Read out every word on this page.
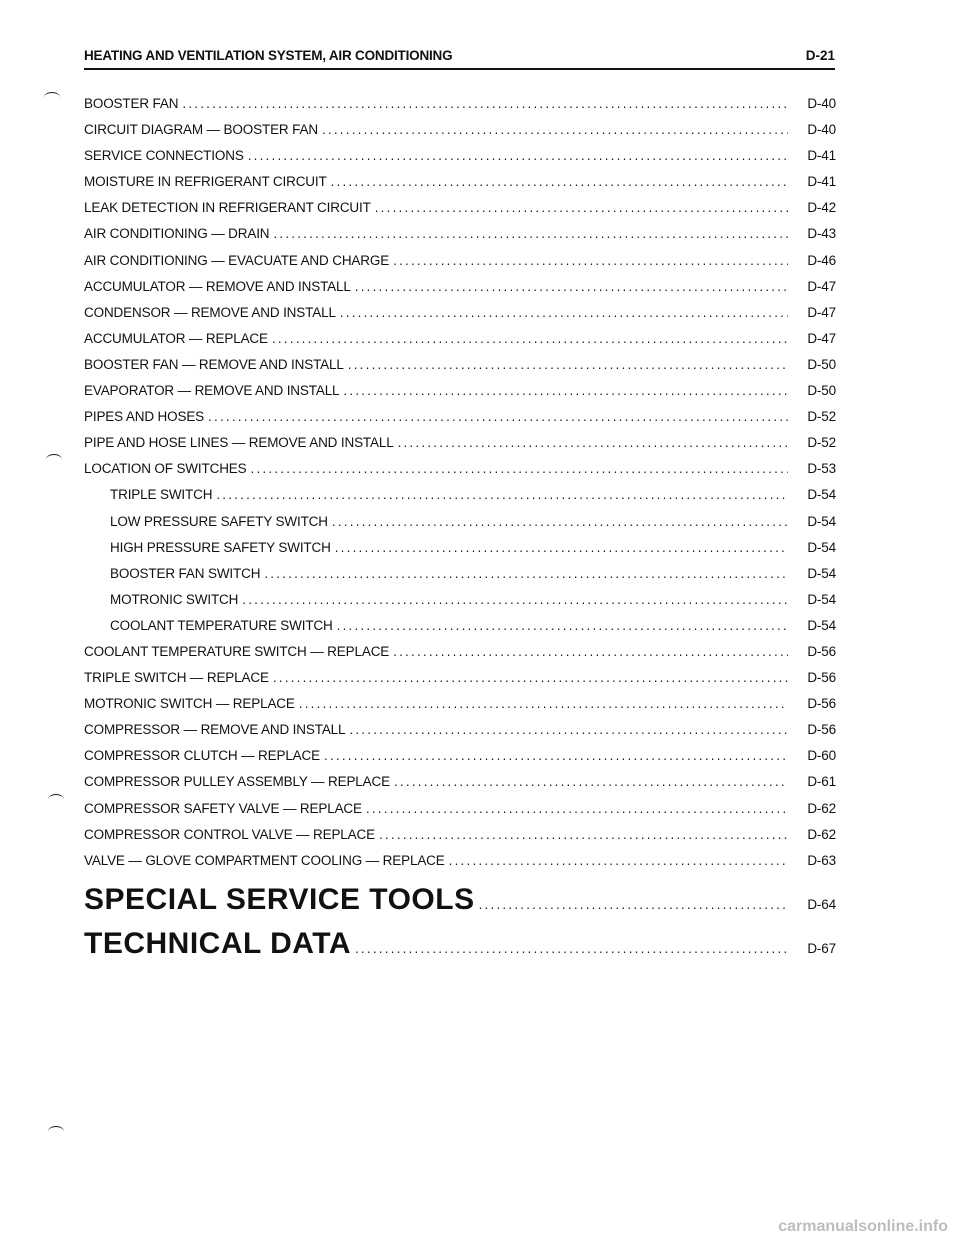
HEATING AND VENTILATION SYSTEM, AIR CONDITIONING	D-21
BOOSTER FAN .....	D-40
CIRCUIT DIAGRAM — BOOSTER FAN .....	D-40
SERVICE CONNECTIONS .....	D-41
MOISTURE IN REFRIGERANT CIRCUIT .....	D-41
LEAK DETECTION IN REFRIGERANT CIRCUIT .....	D-42
AIR CONDITIONING — DRAIN .....	D-43
AIR CONDITIONING — EVACUATE AND CHARGE .....	D-46
ACCUMULATOR — REMOVE AND INSTALL .....	D-47
CONDENSOR — REMOVE AND INSTALL .....	D-47
ACCUMULATOR — REPLACE .....	D-47
BOOSTER FAN — REMOVE AND INSTALL .....	D-50
EVAPORATOR — REMOVE AND INSTALL .....	D-50
PIPES AND HOSES .....	D-52
PIPE AND HOSE LINES — REMOVE AND INSTALL .....	D-52
LOCATION OF SWITCHES .....	D-53
TRIPLE SWITCH .....	D-54
LOW PRESSURE SAFETY SWITCH .....	D-54
HIGH PRESSURE SAFETY SWITCH .....	D-54
BOOSTER FAN SWITCH .....	D-54
MOTRONIC SWITCH .....	D-54
COOLANT TEMPERATURE SWITCH .....	D-54
COOLANT TEMPERATURE SWITCH — REPLACE .....	D-56
TRIPLE SWITCH — REPLACE .....	D-56
MOTRONIC SWITCH — REPLACE .....	D-56
COMPRESSOR — REMOVE AND INSTALL .....	D-56
COMPRESSOR CLUTCH — REPLACE .....	D-60
COMPRESSOR PULLEY ASSEMBLY — REPLACE .....	D-61
COMPRESSOR SAFETY VALVE — REPLACE .....	D-62
COMPRESSOR CONTROL VALVE — REPLACE .....	D-62
VALVE — GLOVE COMPARTMENT COOLING — REPLACE .....	D-63
SPECIAL SERVICE TOOLS .....	D-64
TECHNICAL DATA .....	D-67
carmanualsonline.info
